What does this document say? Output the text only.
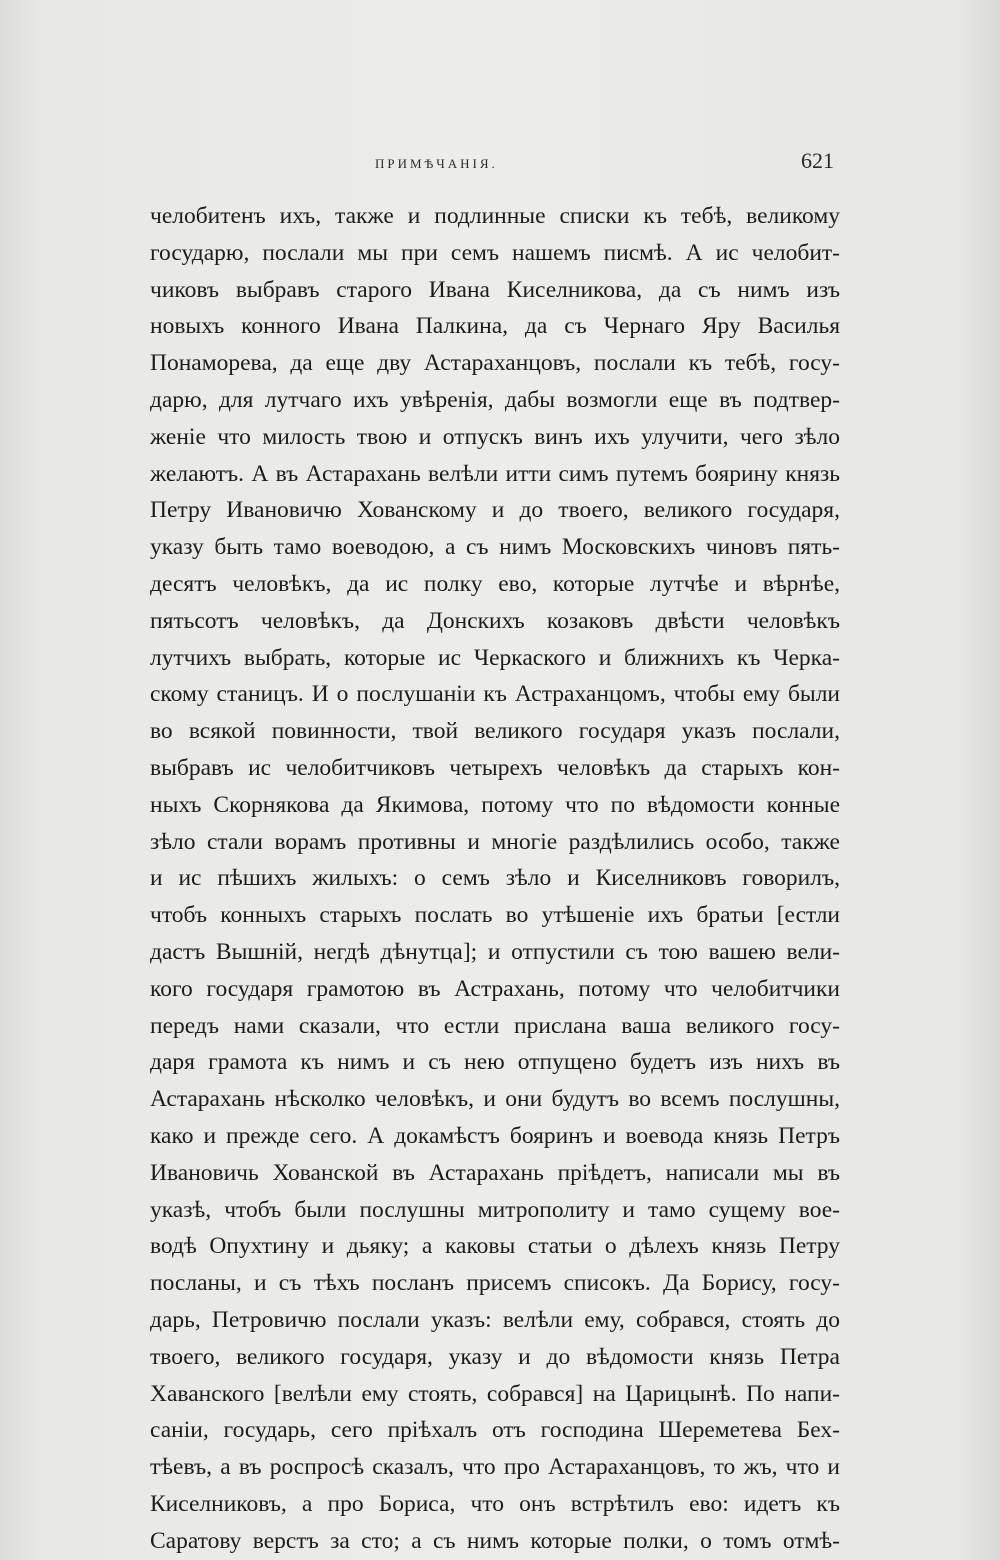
ПРИМѢЧАНІЯ.	621
челобитенъ ихъ, также и подлинные списки къ тебѣ, великому
государю, послали мы при семъ нашемъ писмѣ. А ис челобит-
чиковъ выбравъ старого Ивана Киселникова, да съ нимъ изъ
новыхъ конного Ивана Палкина, да съ Чернаго Яру Василья
Понаморева, да еще дву Астараханцовъ, послали къ тебѣ, госу-
дарю, для лутчаго ихъ увѣренія, дабы возмогли еще въ подтвер-
женіе что милость твою и отпускъ винъ ихъ улучити, чего зѣло
желаютъ. А въ Астарахань велѣли итти симъ путемъ боярину князь
Петру Ивановичю Хованскому и до твоего, великого государя,
указу быть тамо воеводою, а съ нимъ Московскихъ чиновъ пять-
десятъ человѣкъ, да ис полку ево, которые лутчѣе и вѣрнѣе,
пятьсотъ человѣкъ, да Донскихъ козаковъ двѣсти человѣкъ
лутчихъ выбрать, которые ис Черкаского и ближнихъ къ Черка-
скому станицъ. И о послушаніи къ Астраханцомъ, чтобы ему были
во всякой повинности, твой великого государя указъ послали,
выбравъ ис челобитчиковъ четырехъ человѣкъ да старыхъ кон-
ныхъ Скорнякова да Якимова, потому что по вѣдомости конные
зѣло стали ворамъ противны и многіе раздѣлились особо, также
и ис пѣшихъ жилыхъ: о семъ зѣло и Киселниковъ говорилъ,
чтобъ конныхъ старыхъ послать во утѣшеніе ихъ братьи [естли
дастъ Вышній, негдѣ дѣнутца]; и отпустили съ тою вашею вели-
кого государя грамотою въ Астрахань, потому что челобитчики
передъ нами сказали, что естли прислана ваша великого госу-
даря грамота къ нимъ и съ нею отпущено будетъ изъ нихъ въ
Астарахань нѣсколко человѣкъ, и они будутъ во всемъ послушны,
како и прежде сего. А докамѣстъ бояринъ и воевода князь Петръ
Ивановичь Хованской въ Астарахань пріѣдетъ, написали мы въ
указѣ, чтобъ были послушны митрополиту и тамо сущему вое-
водѣ Опухтину и дьяку; а каковы статьи о дѣлехъ князь Петру
посланы, и съ тѣхъ посланъ присемъ списокъ. Да Борису, госу-
дарь, Петровичю послали указъ: велѣли ему, собрався, стоять до
твоего, великого государя, указу и до вѣдомости князь Петра
Хаванского [велѣли ему стоять, собрався] на Царицынѣ. По напи-
саніи, государь, сего пріѣхалъ отъ господина Шереметева Бех-
тѣевъ, а въ роспросѣ сказалъ, что про Астараханцовъ, то жъ, что и
Киселниковъ, а про Бориса, что онъ встрѣтилъ ево: идетъ къ
Саратову верстъ за сто; а съ нимъ которые полки, о томъ отмѣ-
